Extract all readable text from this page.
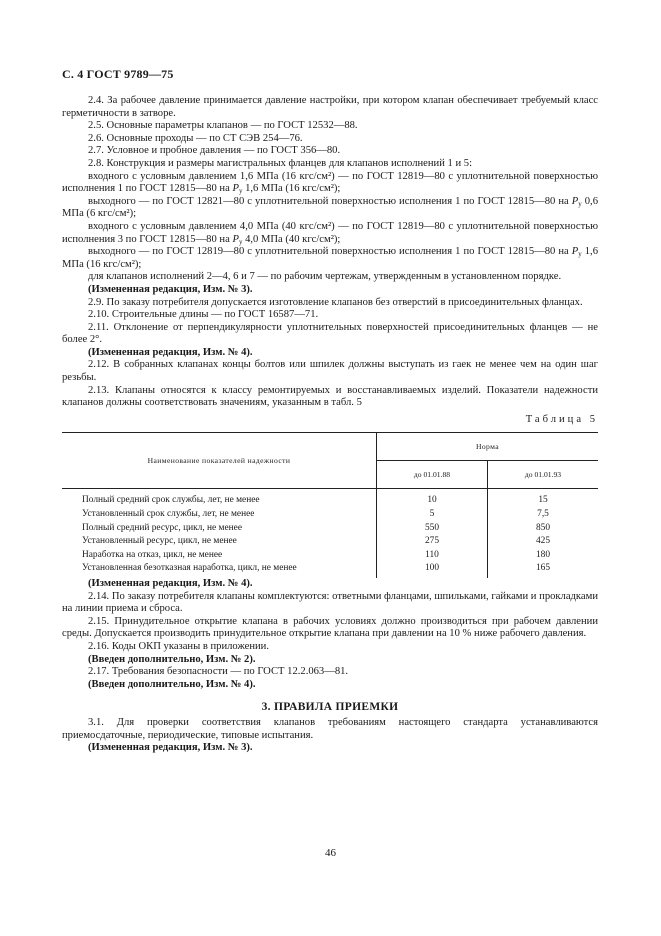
С. 4 ГОСТ 9789—75

2.4. За рабочее давление принимается давление настройки, при котором клапан обеспечивает требуемый класс герметичности в затворе.

2.5. Основные параметры клапанов — по ГОСТ 12532—88.

2.6. Основные проходы — по СТ СЭВ 254—76.

2.7. Условное и пробное давления — по ГОСТ 356—80.

2.8. Конструкция и размеры магистральных фланцев для клапанов исполнений 1 и 5:

входного с условным давлением 1,6 МПа (16 кгс/см²) — по ГОСТ 12819—80 с уплотнительной поверхностью исполнения 1 по ГОСТ 12815—80 на $P_у$ 1,6 МПа (16 кгс/см²);

выходного — по ГОСТ 12821—80 с уплотнительной поверхностью исполнения 1 по ГОСТ 12815—80 на $P_у$ 0,6 МПа (6 кгс/см²);

входного с условным давлением 4,0 МПа (40 кгс/см²) — по ГОСТ 12819—80 с уплотнительной поверхностью исполнения 3 по ГОСТ 12815—80 на $P_у$ 4,0 МПа (40 кгс/см²);

выходного — по ГОСТ 12819—80 с уплотнительной поверхностью исполнения 1 по ГОСТ 12815—80 на $P_у$ 1,6 МПа (16 кгс/см²);

для клапанов исполнений 2—4, 6 и 7 — по рабочим чертежам, утвержденным в установленном порядке.

(Измененная редакция, Изм. № 3).

2.9. По заказу потребителя допускается изготовление клапанов без отверстий в присоединительных фланцах.

2.10. Строительные длины — по ГОСТ 16587—71.

2.11. Отклонение от перпендикулярности уплотнительных поверхностей присоединительных фланцев — не более 2°.

(Измененная редакция, Изм. № 4).

2.12. В собранных клапанах концы болтов или шпилек должны выступать из гаек не менее чем на один шаг резьбы.

2.13. Клапаны относятся к классу ремонтируемых и восстанавливаемых изделий. Показатели надежности клапанов должны соответствовать значениям, указанным в табл. 5

Таблица 5
Наименование показателей надежности	Норма	
	до 01.01.88	до 01.01.93
Полный средний срок службы, лет, не менее	10	15
Установленный срок службы, лет, не менее	5	7,5
Полный средний ресурс, цикл, не менее	550	850
Установленный ресурс, цикл, не менее	275	425
Наработка на отказ, цикл, не менее	110	180
Установленная безотказная наработка, цикл, не менее	100	165

(Измененная редакция, Изм. № 4).

2.14. По заказу потребителя клапаны комплектуются: ответными фланцами, шпильками, гайками и прокладками на линии приема и сброса.

2.15. Принудительное открытие клапана в рабочих условиях должно производиться при рабочем давлении среды. Допускается производить принудительное открытие клапана при давлении на 10 % ниже рабочего давления.

2.16. Коды ОКП указаны в приложении.

(Введен дополнительно, Изм. № 2).

2.17. Требования безопасности — по ГОСТ 12.2.063—81.

(Введен дополнительно, Изм. № 4).

3. ПРАВИЛА ПРИЕМКИ

3.1. Для проверки соответствия клапанов требованиям настоящего стандарта устанавливаются приемосдаточные, периодические, типовые испытания.

(Измененная редакция, Изм. № 3).

46
